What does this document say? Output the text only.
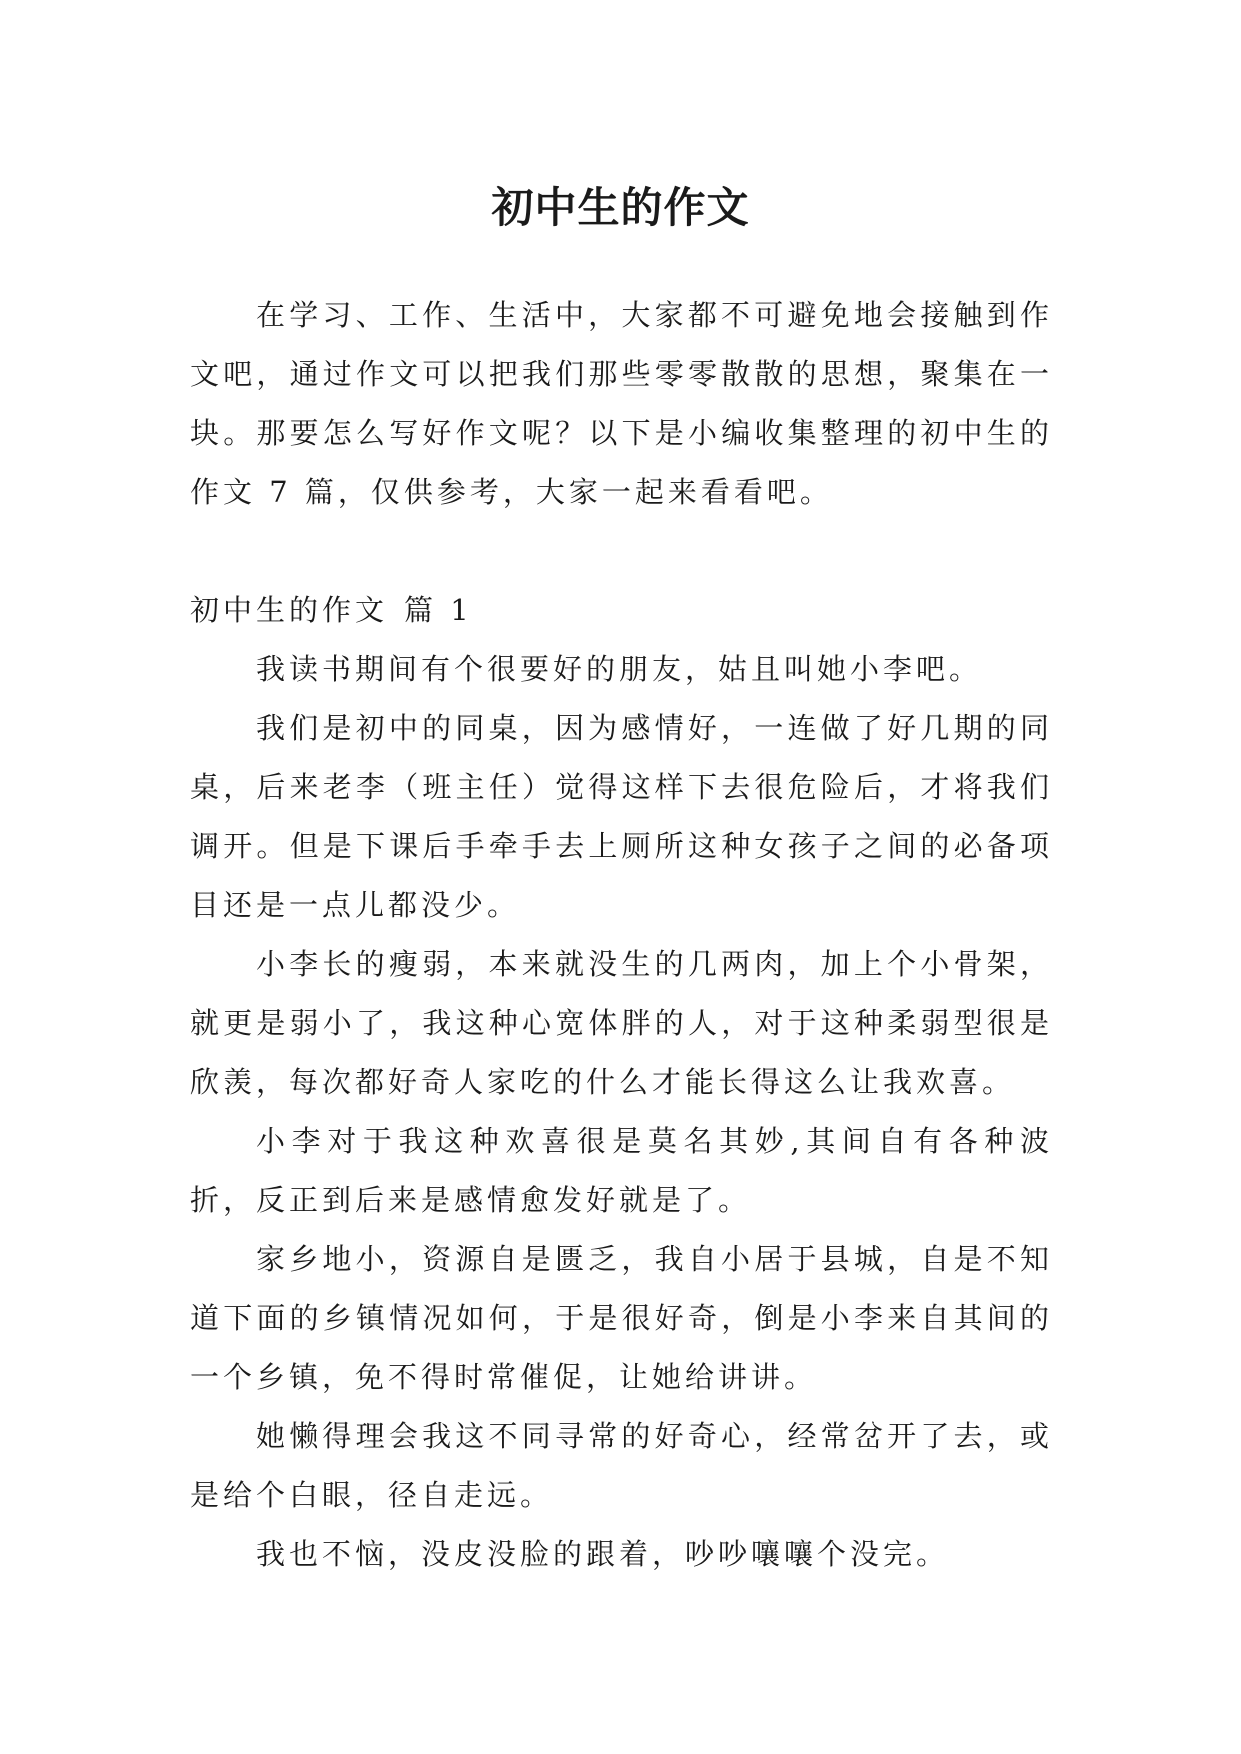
初中生的作文

在学习、工作、生活中，大家都不可避免地会接触到作文吧，通过作文可以把我们那些零零散散的思想，聚集在一块。那要怎么写好作文呢？以下是小编收集整理的初中生的作文 7 篇，仅供参考，大家一起来看看吧。

初中生的作文 篇 1

我读书期间有个很要好的朋友，姑且叫她小李吧。

我们是初中的同桌，因为感情好，一连做了好几期的同桌，后来老李（班主任）觉得这样下去很危险后，才将我们调开。但是下课后手牵手去上厕所这种女孩子之间的必备项目还是一点儿都没少。

小李长的瘦弱，本来就没生的几两肉，加上个小骨架，就更是弱小了，我这种心宽体胖的人，对于这种柔弱型很是欣羡，每次都好奇人家吃的什么才能长得这么让我欢喜。

小李对于我这种欢喜很是莫名其妙,其间自有各种波折，反正到后来是感情愈发好就是了。

家乡地小，资源自是匮乏，我自小居于县城，自是不知道下面的乡镇情况如何，于是很好奇，倒是小李来自其间的一个乡镇，免不得时常催促，让她给讲讲。

她懒得理会我这不同寻常的好奇心，经常岔开了去，或是给个白眼，径自走远。

我也不恼，没皮没脸的跟着，吵吵嚷嚷个没完。
